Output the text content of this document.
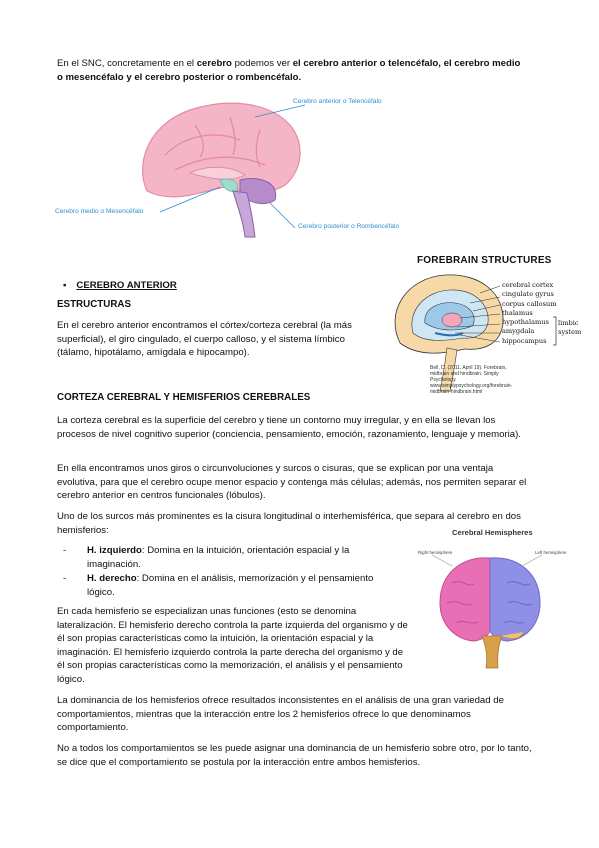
En el SNC, concretamente en el cerebro podemos ver el cerebro anterior o telencéfalo, el cerebro medio o mesencéfalo y el cerebro posterior o rombencéfalo.

Cerebro anterior o Telencéfalo
Cerebro medio o Mesencéfalo
Cerebro posterior o Rombencéfalo

▪ CEREBRO ANTERIOR

ESTRUCTURAS

En el cerebro anterior encontramos el córtex/corteza cerebral (la más superficial), el giro cingulado, el cuerpo calloso, y el sistema límbico (tálamo, hipotálamo, amígdala e hipocampo).

FOREBRAIN STRUCTURES
cerebral cortex
cingulate gyrus
corpus callosum
thalamus
hypothalamus
amygdala
hippocampus
limbic system
Bell, D. (2011, April 19). Forebrain, midbrain and hindbrain. Simply Psychology. www.simplypsychology.org/forebrain-midbrain-hindbrain.html

CORTEZA CEREBRAL Y HEMISFERIOS CEREBRALES

La corteza cerebral es la superficie del cerebro y tiene un contorno muy irregular, y en ella se llevan los procesos de nivel cognitivo superior (conciencia, pensamiento, emoción, razonamiento, lenguaje y memoria).

En ella encontramos unos giros o circunvoluciones y surcos o cisuras, que se explican por una ventaja evolutiva, para que el cerebro ocupe menor espacio y contenga más células; además, nos permiten separar el cerebro anterior en centros funcionales (lóbulos).

Uno de los surcos más prominentes es la cisura longitudinal o interhemisférica, que separa al cerebro en dos hemisferios:

- H. izquierdo: Domina en la intuición, orientación espacial y la imaginación.
- H. derecho: Domina en el análisis, memorización y el pensamiento lógico.

En cada hemisferio se especializan unas funciones (esto se denomina lateralización. El hemisferio derecho controla la parte izquierda del organismo y de él son propias características como la intuición, la orientación espacial y la imaginación. El hemisferio izquierdo controla la parte derecha del organismo y de él son propias características como la memorización, el análisis y el pensamiento lógico.

Cerebral Hemispheres
Right hemisphere	Left hemisphere

La dominancia de los hemisferios ofrece resultados inconsistentes en el análisis de una gran variedad de comportamientos, mientras que la interacción entre los 2 hemisferios ofrece lo que denominamos comportamiento.

No a todos los comportamientos se les puede asignar una dominancia de un hemisferio sobre otro, por lo tanto, se dice que el comportamiento se postula por la interacción entre ambos hemisferios.
